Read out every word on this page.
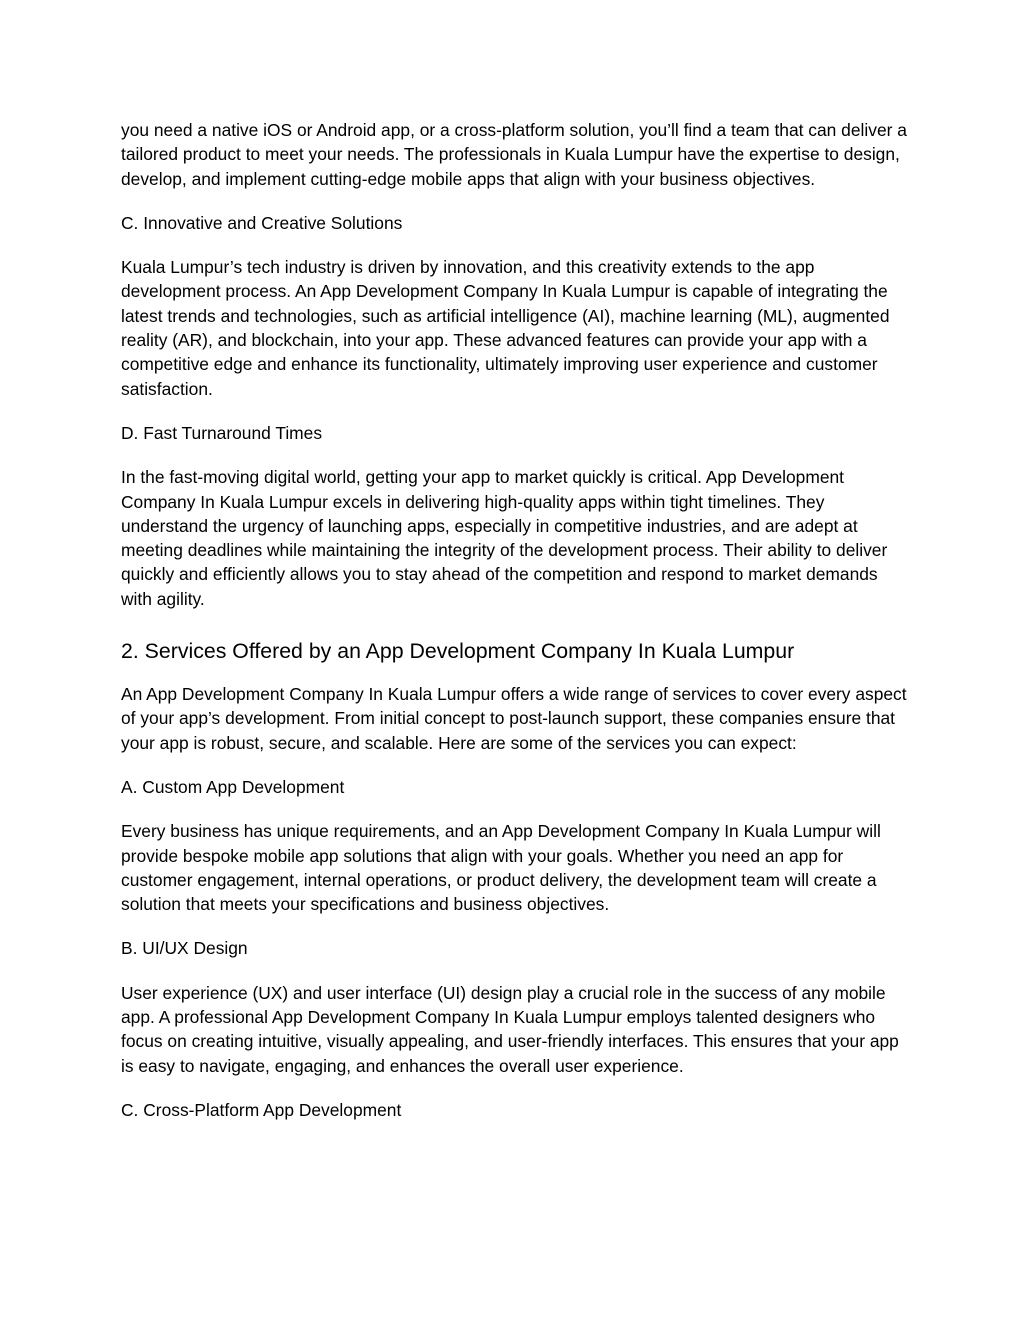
you need a native iOS or Android app, or a cross-platform solution, you’ll find a team that can deliver a tailored product to meet your needs. The professionals in Kuala Lumpur have the expertise to design, develop, and implement cutting-edge mobile apps that align with your business objectives.

C. Innovative and Creative Solutions

Kuala Lumpur’s tech industry is driven by innovation, and this creativity extends to the app development process. An App Development Company In Kuala Lumpur is capable of integrating the latest trends and technologies, such as artificial intelligence (AI), machine learning (ML), augmented reality (AR), and blockchain, into your app. These advanced features can provide your app with a competitive edge and enhance its functionality, ultimately improving user experience and customer satisfaction.

D. Fast Turnaround Times

In the fast-moving digital world, getting your app to market quickly is critical. App Development Company In Kuala Lumpur excels in delivering high-quality apps within tight timelines. They understand the urgency of launching apps, especially in competitive industries, and are adept at meeting deadlines while maintaining the integrity of the development process. Their ability to deliver quickly and efficiently allows you to stay ahead of the competition and respond to market demands with agility.

2. Services Offered by an App Development Company In Kuala Lumpur

An App Development Company In Kuala Lumpur offers a wide range of services to cover every aspect of your app’s development. From initial concept to post-launch support, these companies ensure that your app is robust, secure, and scalable. Here are some of the services you can expect:

A. Custom App Development

Every business has unique requirements, and an App Development Company In Kuala Lumpur will provide bespoke mobile app solutions that align with your goals. Whether you need an app for customer engagement, internal operations, or product delivery, the development team will create a solution that meets your specifications and business objectives.

B. UI/UX Design

User experience (UX) and user interface (UI) design play a crucial role in the success of any mobile app. A professional App Development Company In Kuala Lumpur employs talented designers who focus on creating intuitive, visually appealing, and user-friendly interfaces. This ensures that your app is easy to navigate, engaging, and enhances the overall user experience.

C. Cross-Platform App Development
